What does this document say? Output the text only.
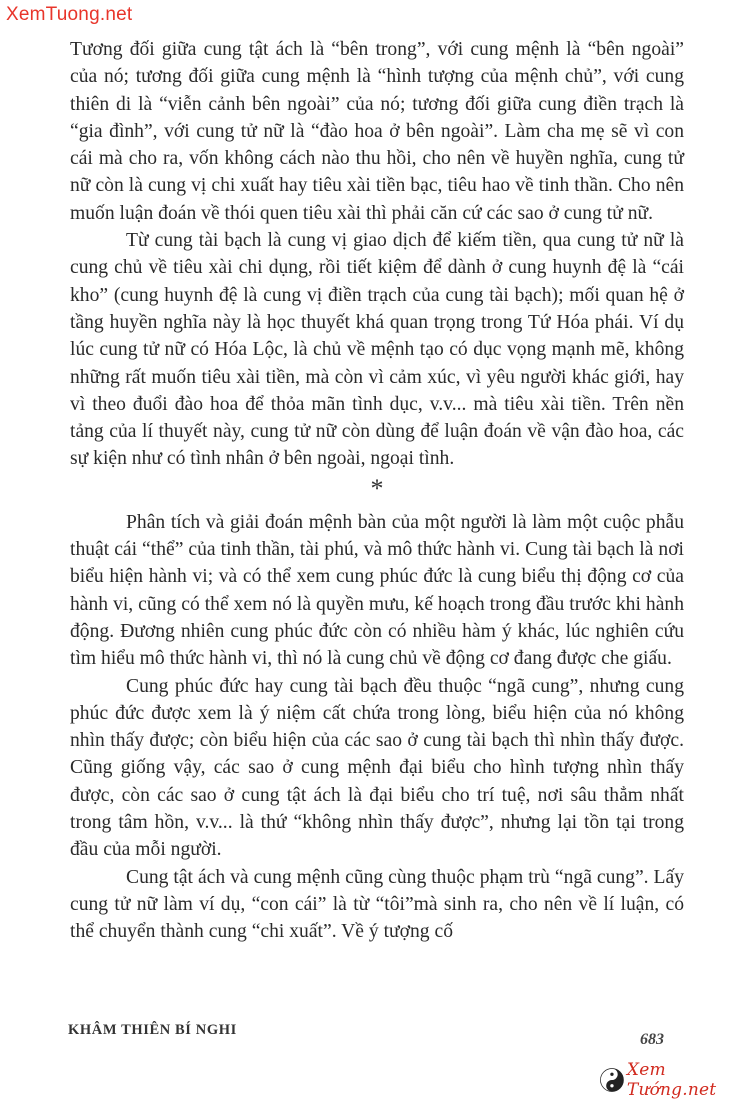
XemTuong.net

Tương đối giữa cung tật ách là “bên trong”, với cung mệnh là “bên ngoài” của nó; tương đối giữa cung mệnh là “hình tượng của mệnh chủ”, với cung thiên di là “viễn cảnh bên ngoài” của nó; tương đối giữa cung điền trạch là “gia đình”, với cung tử nữ là “đào hoa ở bên ngoài”. Làm cha mẹ sẽ vì con cái mà cho ra, vốn không cách nào thu hồi, cho nên về huyền nghĩa, cung tử nữ còn là cung vị chi xuất hay tiêu xài tiền bạc, tiêu hao về tinh thần. Cho nên muốn luận đoán về thói quen tiêu xài thì phải căn cứ các sao ở cung tử nữ.

Từ cung tài bạch là cung vị giao dịch để kiếm tiền, qua cung tử nữ là cung chủ về tiêu xài chi dụng, rồi tiết kiệm để dành ở cung huynh đệ là “cái kho” (cung huynh đệ là cung vị điền trạch của cung tài bạch); mối quan hệ ở tầng huyền nghĩa này là học thuyết khá quan trọng trong Tứ Hóa phái. Ví dụ lúc cung tử nữ có Hóa Lộc, là chủ về mệnh tạo có dục vọng mạnh mẽ, không những rất muốn tiêu xài tiền, mà còn vì cảm xúc, vì yêu người khác giới, hay vì theo đuổi đào hoa để thỏa mãn tình dục, v.v... mà tiêu xài tiền. Trên nền tảng của lí thuyết này, cung tử nữ còn dùng để luận đoán về vận đào hoa, các sự kiện như có tình nhân ở bên ngoài, ngoại tình.

*

Phân tích và giải đoán mệnh bàn của một người là làm một cuộc phẫu thuật cái “thể” của tinh thần, tài phú, và mô thức hành vi. Cung tài bạch là nơi biểu hiện hành vi; và có thể xem cung phúc đức là cung biểu thị động cơ của hành vi, cũng có thể xem nó là quyền mưu, kế hoạch trong đầu trước khi hành động. Đương nhiên cung phúc đức còn có nhiều hàm ý khác, lúc nghiên cứu tìm hiểu mô thức hành vi, thì nó là cung chủ về động cơ đang được che giấu.

Cung phúc đức hay cung tài bạch đều thuộc “ngã cung”, nhưng cung phúc đức được xem là ý niệm cất chứa trong lòng, biểu hiện của nó không nhìn thấy được; còn biểu hiện của các sao ở cung tài bạch thì nhìn thấy được. Cũng giống vậy, các sao ở cung mệnh đại biểu cho hình tượng nhìn thấy được, còn các sao ở cung tật ách là đại biểu cho trí tuệ, nơi sâu thẳm nhất trong tâm hồn, v.v... là thứ “không nhìn thấy được”, nhưng lại tồn tại trong đầu của mỗi người.

Cung tật ách và cung mệnh cũng cùng thuộc phạm trù “ngã cung”. Lấy cung tử nữ làm ví dụ, “con cái” là từ “tôi”mà sinh ra, cho nên về lí luận, có thể chuyển thành cung “chi xuất”. Về ý tượng cố

KHÂM THIÊN BÍ NGHI
683
Xem Tướng.net
